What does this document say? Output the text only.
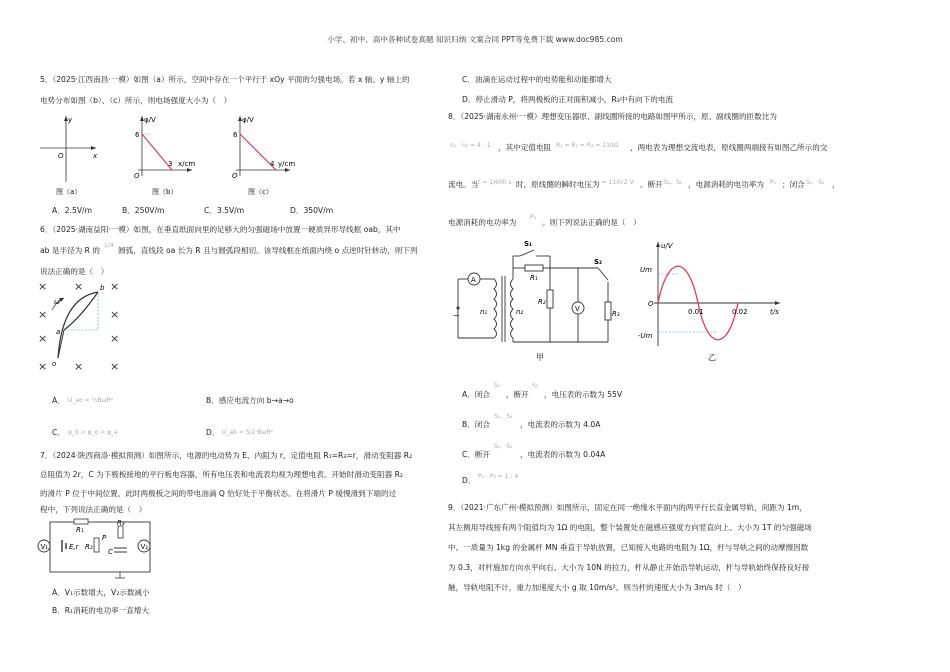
小学、初中、高中各种试卷真题 知识归纳 文案合同 PPT等免费下载 www.doc985.com
5．（2025·江西南昌·一模）如图（a）所示，空间中存在一个平行于 xOy 平面的匀强电场。若 x 轴、y 轴上的
电势分布如图（b）、（c）所示，则电场强度大小为（　）
y
x
O
图（a）
φ/V
6
3 x/cm
O
图（b）
φ/V
6
4 y/cm
O
图（c）
A．2.5V/m	B．250V/m	C．3.5V/m	D．350V/m
6．（2025·湖南益阳·一模）如图，在垂直纸面向里的足够大的匀强磁场中放置一硬质异形导线框 oab，其中
ab 是半径为 R 的
1/4
圆弧，直线段 oa 长为 R 且与圆弧段相切。该导线框在纸面内绕 o 点逆时针转动，则下列
说法正确的是（　）
× × ×
×	×
×	×
× × ×
ω
b
a
o
A． U_ao = ½BωR²	B．感应电流方向 b→a→o
C． φ_b > φ_o > φ_a	D． U_ab = 5/2·BωR²
7．（2024·陕西商洛·模拟预测）如图所示，电源的电动势为 E、内阻为 r，定值电阻 R₁=R₃=r，滑动变阻器 R₂
总阻值为 2r，C 为下极板接地的平行板电容器，所有电压表和电流表均视为理想电表。开始时滑动变阻器 R₂
的滑片 P 位于中间位置，此时两极板之间的带电油滴 Q 恰好处于平衡状态。在将滑片 P 缓慢滑到下端的过
程中，下列说法正确的是（　）
V₁	V₂
E,r
R₁
R₂
P
R₃
C
A．V₁示数增大，V₂示数减小
B．R₁消耗的电功率一直增大
C．油滴在运动过程中的电势能和动能都增大
D．停止滑动 P，将两极板的正对面积减小，R₃中有向下的电流
8．（2025·湖南永州·一模）理想变压器原、副线圈所接的电路如图甲所示，原、副线圈的匝数比为
n₁ : n₂ = 4 : 1 ，其中定值电阻 R₁ = R₂ = R₃ = 110Ω ，两电表为理想交流电表，原线圈两端接有如图乙所示的交
流电。当 t = 1/600 s 时，原线圈的瞬时电压为
u = 110√2 V 。断开 S₁、S₂ ，电源消耗的电功率为 P₁ ；闭合 S₁、S₂ ，
电源消耗的电功率为
P₂
。则下列说法正确的是（　）
A
~	n₁	n₂
R₁
S₁
R₂
V
S₂
R₃
甲
u/V
t/s
O
Um
-Um
0.01	0.02
乙
A．闭合
S₁
，断开
S₂
，电压表的示数为 55V
B．闭合
S₁、S₂
，电流表的示数为 4.0A
C．断开
S₁、S₂
，电流表的示数为 0.04A
D． P₁ : P₂ = 1 : 4
9．（2021·广东广州·模拟预测）如图所示，固定在同一绝缘水平面内的两平行长直金属导轨，间距为 1m，
其左侧用导线接有两个阻值均为 1Ω 的电阻，整个装置处在磁感应强度方向竖直向上、大小为 1T 的匀强磁场
中。一质量为 1kg 的金属杆 MN 垂直于导轨放置，已知接入电路的电阻为 1Ω，杆与导轨之间的动摩擦因数
为 0.3，对杆施加方向水平向右、大小为 10N 的拉力，杆从静止开始沿导轨运动，杆与导轨始终保持良好接
触，导轨电阻不计，重力加速度大小 g 取 10m/s²。则当杆的速度大小为 3m/s 时（　）
